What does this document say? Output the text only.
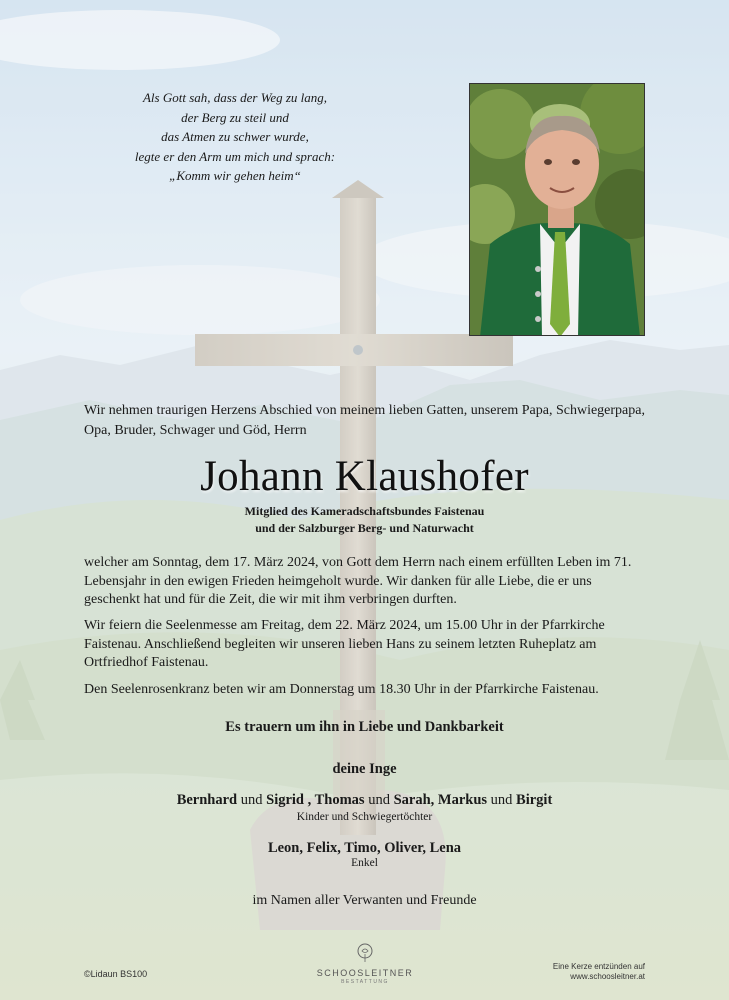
Als Gott sah, dass der Weg zu lang,
der Berg zu steil und
das Atmen zu schwer wurde,
legte er den Arm um mich und sprach:
„Komm wir gehen heim“
Wir nehmen traurigen Herzens Abschied von meinem lieben Gatten, unserem Papa, Schwiegerpapa, Opa, Bruder, Schwager und Göd, Herrn
Johann Klaushofer
Mitglied des Kameradschaftsbundes Faistenau
und der Salzburger Berg- und Naturwacht
welcher am Sonntag, dem 17. März 2024, von Gott dem Herrn nach einem erfüllten Leben im 71. Lebensjahr in den ewigen Frieden heimgeholt wurde. Wir danken für alle Liebe, die er uns geschenkt hat und für die Zeit, die wir mit ihm verbringen durften.
Wir feiern die Seelenmesse am Freitag, dem 22. März 2024, um 15.00 Uhr in der Pfarrkirche Faistenau. Anschließend begleiten wir unseren lieben Hans zu seinem letzten Ruheplatz am Ortfriedhof Faistenau.
Den Seelenrosenkranz beten wir am Donnerstag um 18.30 Uhr in der Pfarrkirche Faistenau.
Es trauern um ihn in Liebe und Dankbarkeit
deine Inge
Bernhard und Sigrid , Thomas und Sarah, Markus und Birgit
Kinder und Schwiegertöchter
Leon, Felix, Timo, Oliver, Lena
Enkel
im Namen aller Verwanten und Freunde
©Lidaun BS100	SCHOOSLEITNER
BESTATTUNG
Eine Kerze entzünden auf
www.schoosleitner.at
